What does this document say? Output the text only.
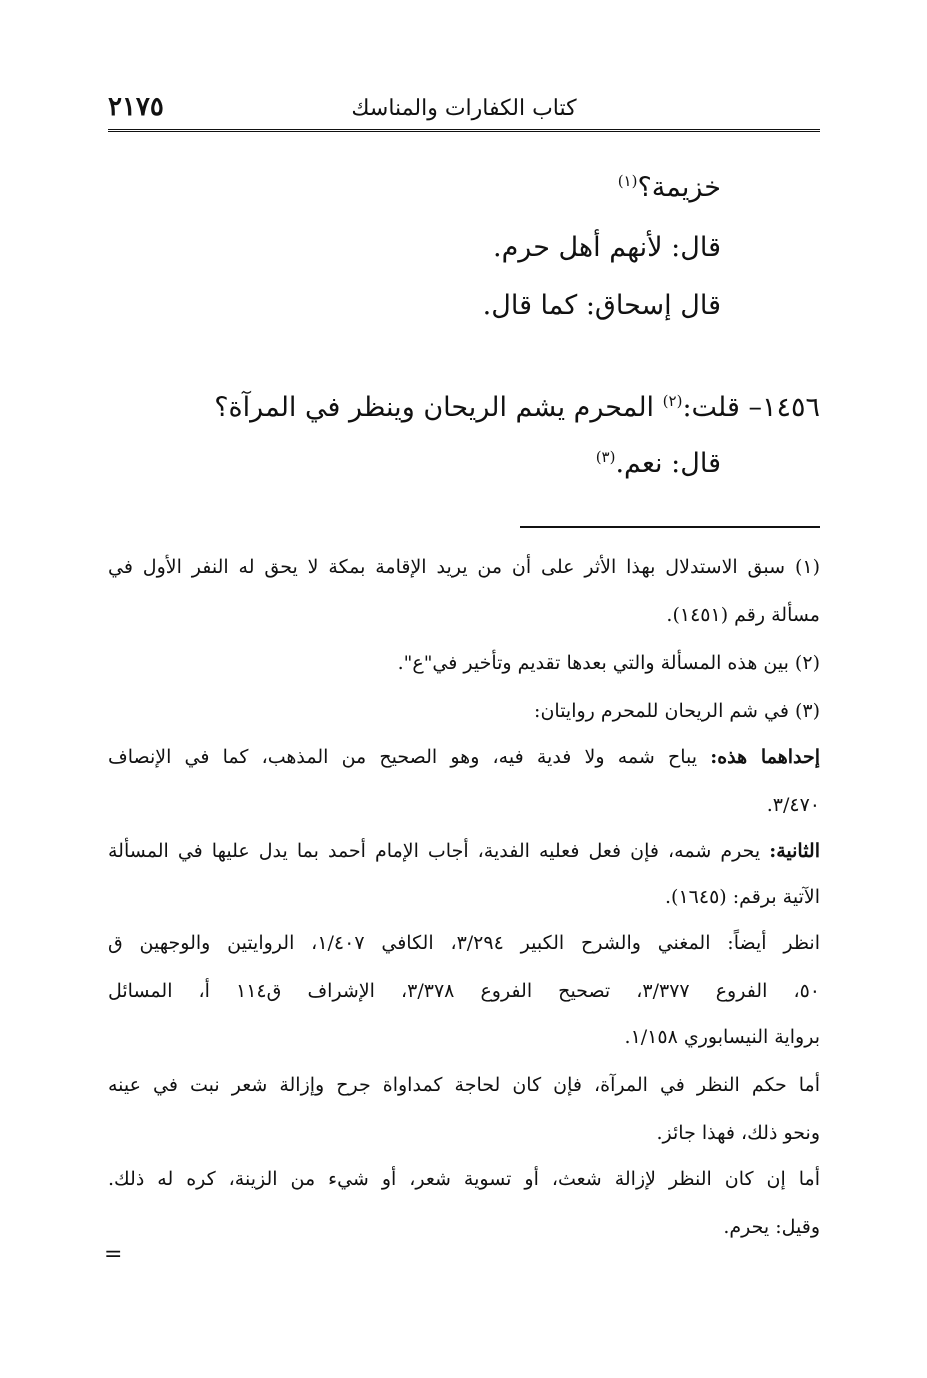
٢١٧٥	كتاب الكفارات والمناسك
خزيمة؟$^{(١)}$
قال: لأنهم أهل حرم.
قال إسحاق: كما قال.
١٤٥٦– قلت:$^{(٢)}$ المحرم يشم الريحان وينظر في المرآة؟
قال: نعم.$^{(٣)}$
(١) سبق الاستدلال بهذا الأثر على أن من يريد الإقامة بمكة لا يحق له النفر الأول في
مسألة رقم (١٤٥١).
(٢) بين هذه المسألة والتي بعدها تقديم وتأخير في"ع".
(٣) في شم الريحان للمحرم روايتان:
إحداهما هذه: يباح شمه ولا فدية فيه، وهو الصحيح من المذهب، كما في الإنصاف
٣/٤٧٠.
الثانية: يحرم شمه، فإن فعل فعليه الفدية، أجاب الإمام أحمد بما يدل عليها في المسألة
الآتية برقم: (١٦٤٥).
انظر أيضاً: المغني والشرح الكبير ٣/٢٩٤، الكافي ١/٤٠٧، الروايتين والوجهين ق
٥٠، الفروع ٣/٣٧٧، تصحيح الفروع ٣/٣٧٨، الإشراف ق١١٤ أ، المسائل
برواية النيسابوري ١/١٥٨.
أما حكم النظر في المرآة، فإن كان لحاجة كمداواة جرح وإزالة شعر نبت في عينه
ونحو ذلك، فهذا جائز.
أما إن كان النظر لإزالة شعث، أو تسوية شعر، أو شيء من الزينة، كره له ذلك.
وقيل: يحرم.
=
